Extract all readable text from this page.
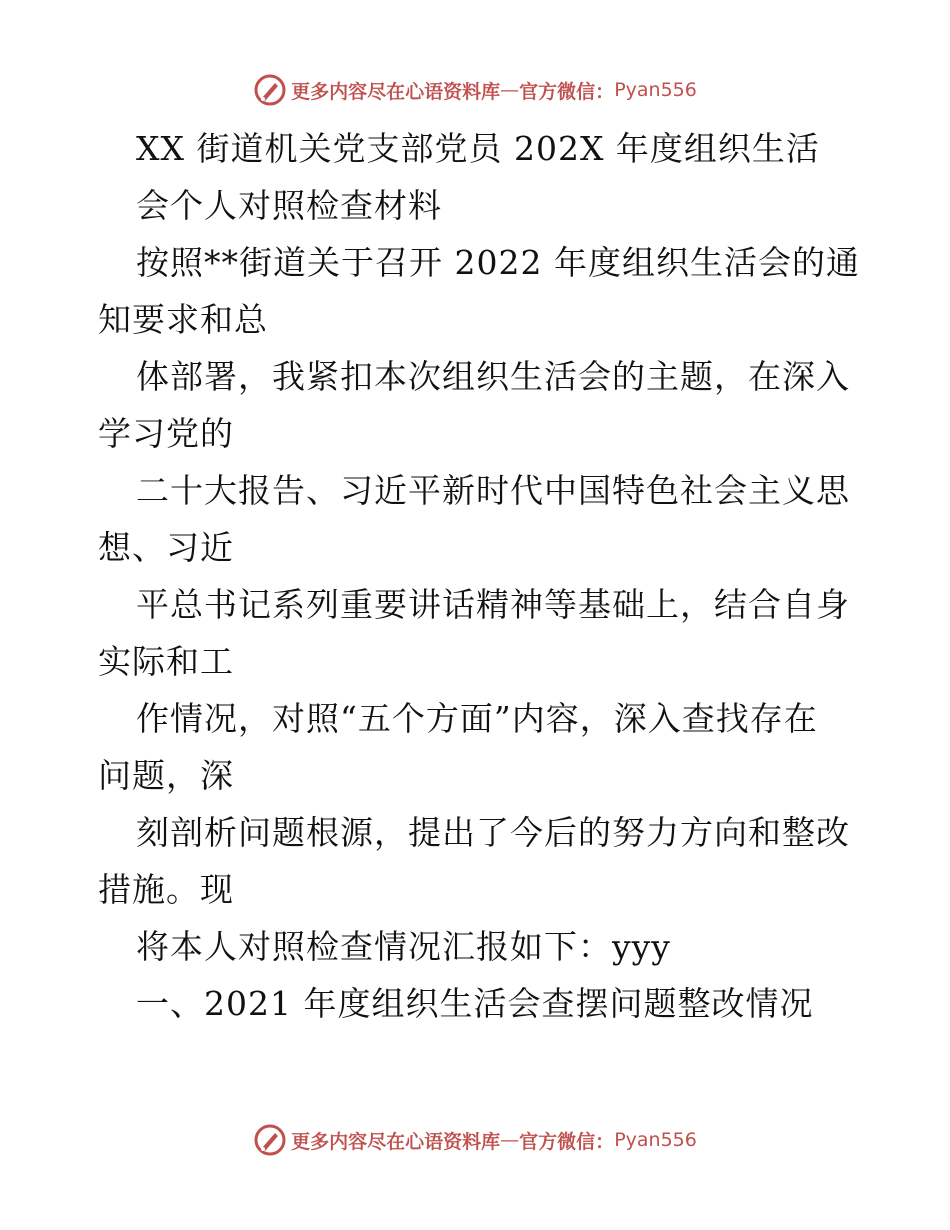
更多内容尽在心语资料库 — 官方微信： Pyan556
XX 街道机关党支部党员 202X 年度组织生活
会个人对照检查材料
按照**街道关于召开 2022 年度组织生活会的通
知要求和总
体部署，我紧扣本次组织生活会的主题，在深入
学习党的
二十大报告、习近平新时代中国特色社会主义思
想、习近
平总书记系列重要讲话精神等基础上，结合自身
实际和工
作情况，对照“五个方面”内容，深入查找存在
问题，深
刻剖析问题根源，提出了今后的努力方向和整改
措施。现
将本人对照检查情况汇报如下：yyy
一、2021 年度组织生活会查摆问题整改情况
更多内容尽在心语资料库 — 官方微信： Pyan556
